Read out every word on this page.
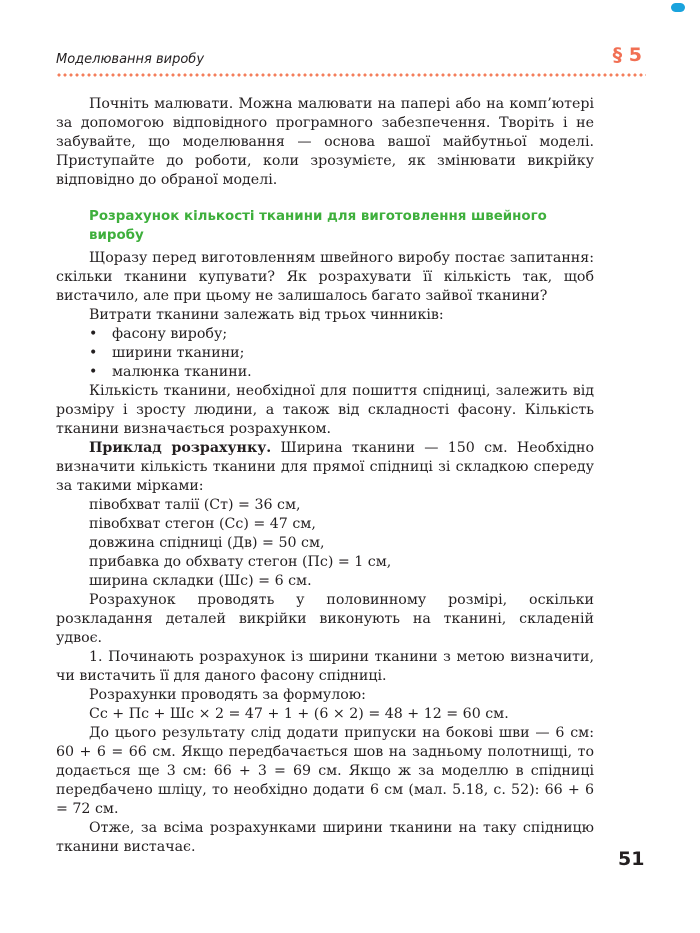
Моделювання виробу	§ 5

Почніть малювати. Можна малювати на папері або на комп’ютері за допомогою відповідного програмного забезпечення. Творіть і не забувайте, що моделювання — основа вашої майбутньої моделі. Приступайте до роботи, коли зрозумієте, як змінювати викрійку відповідно до обраної моделі.

Розрахунок кількості тканини для виготовлення швейного виробу

Щоразу перед виготовленням швейного виробу постає запитання: скільки тканини купувати? Як розрахувати її кількість так, щоб вистачило, але при цьому не залишалось багато зайвої тканини?

Витрати тканини залежать від трьох чинників:

• фасону виробу;
• ширини тканини;
• малюнка тканини.

Кількість тканини, необхідної для пошиття спідниці, залежить від розміру і зросту людини, а також від складності фасону. Кількість тканини визначається розрахунком.

Приклад розрахунку. Ширина тканини — 150 см. Необхідно визначити кількість тканини для прямої спідниці зі складкою спереду за такими мірками:

півобхват талії (Ст) = 36 см,

півобхват стегон (Сс) = 47 см,

довжина спідниці (Дв) = 50 см,

прибавка до обхвату стегон (Пс) = 1 см,

ширина складки (Шс) = 6 см.

Розрахунок проводять у половинному розмірі, оскільки розкладання деталей викрійки виконують на тканині, складеній удвоє.

1. Починають розрахунок із ширини тканини з метою визначити, чи вистачить її для даного фасону спідниці.

Розрахунки проводять за формулою:

Сс + Пс + Шс × 2 = 47 + 1 + (6 × 2) = 48 + 12 = 60 см.

До цього результату слід додати припуски на бокові шви — 6 см: 60 + 6 = 66 см. Якщо передбачається шов на задньому полотнищі, то додається ще 3 см: 66 + 3 = 69 см. Якщо ж за моделлю в спідниці передбачено шліцу, то необхідно додати 6 см (мал. 5.18, с. 52): 66 + 6 = 72 см.

Отже, за всіма розрахунками ширини тканини на таку спідницю тканини вистачає.

51
